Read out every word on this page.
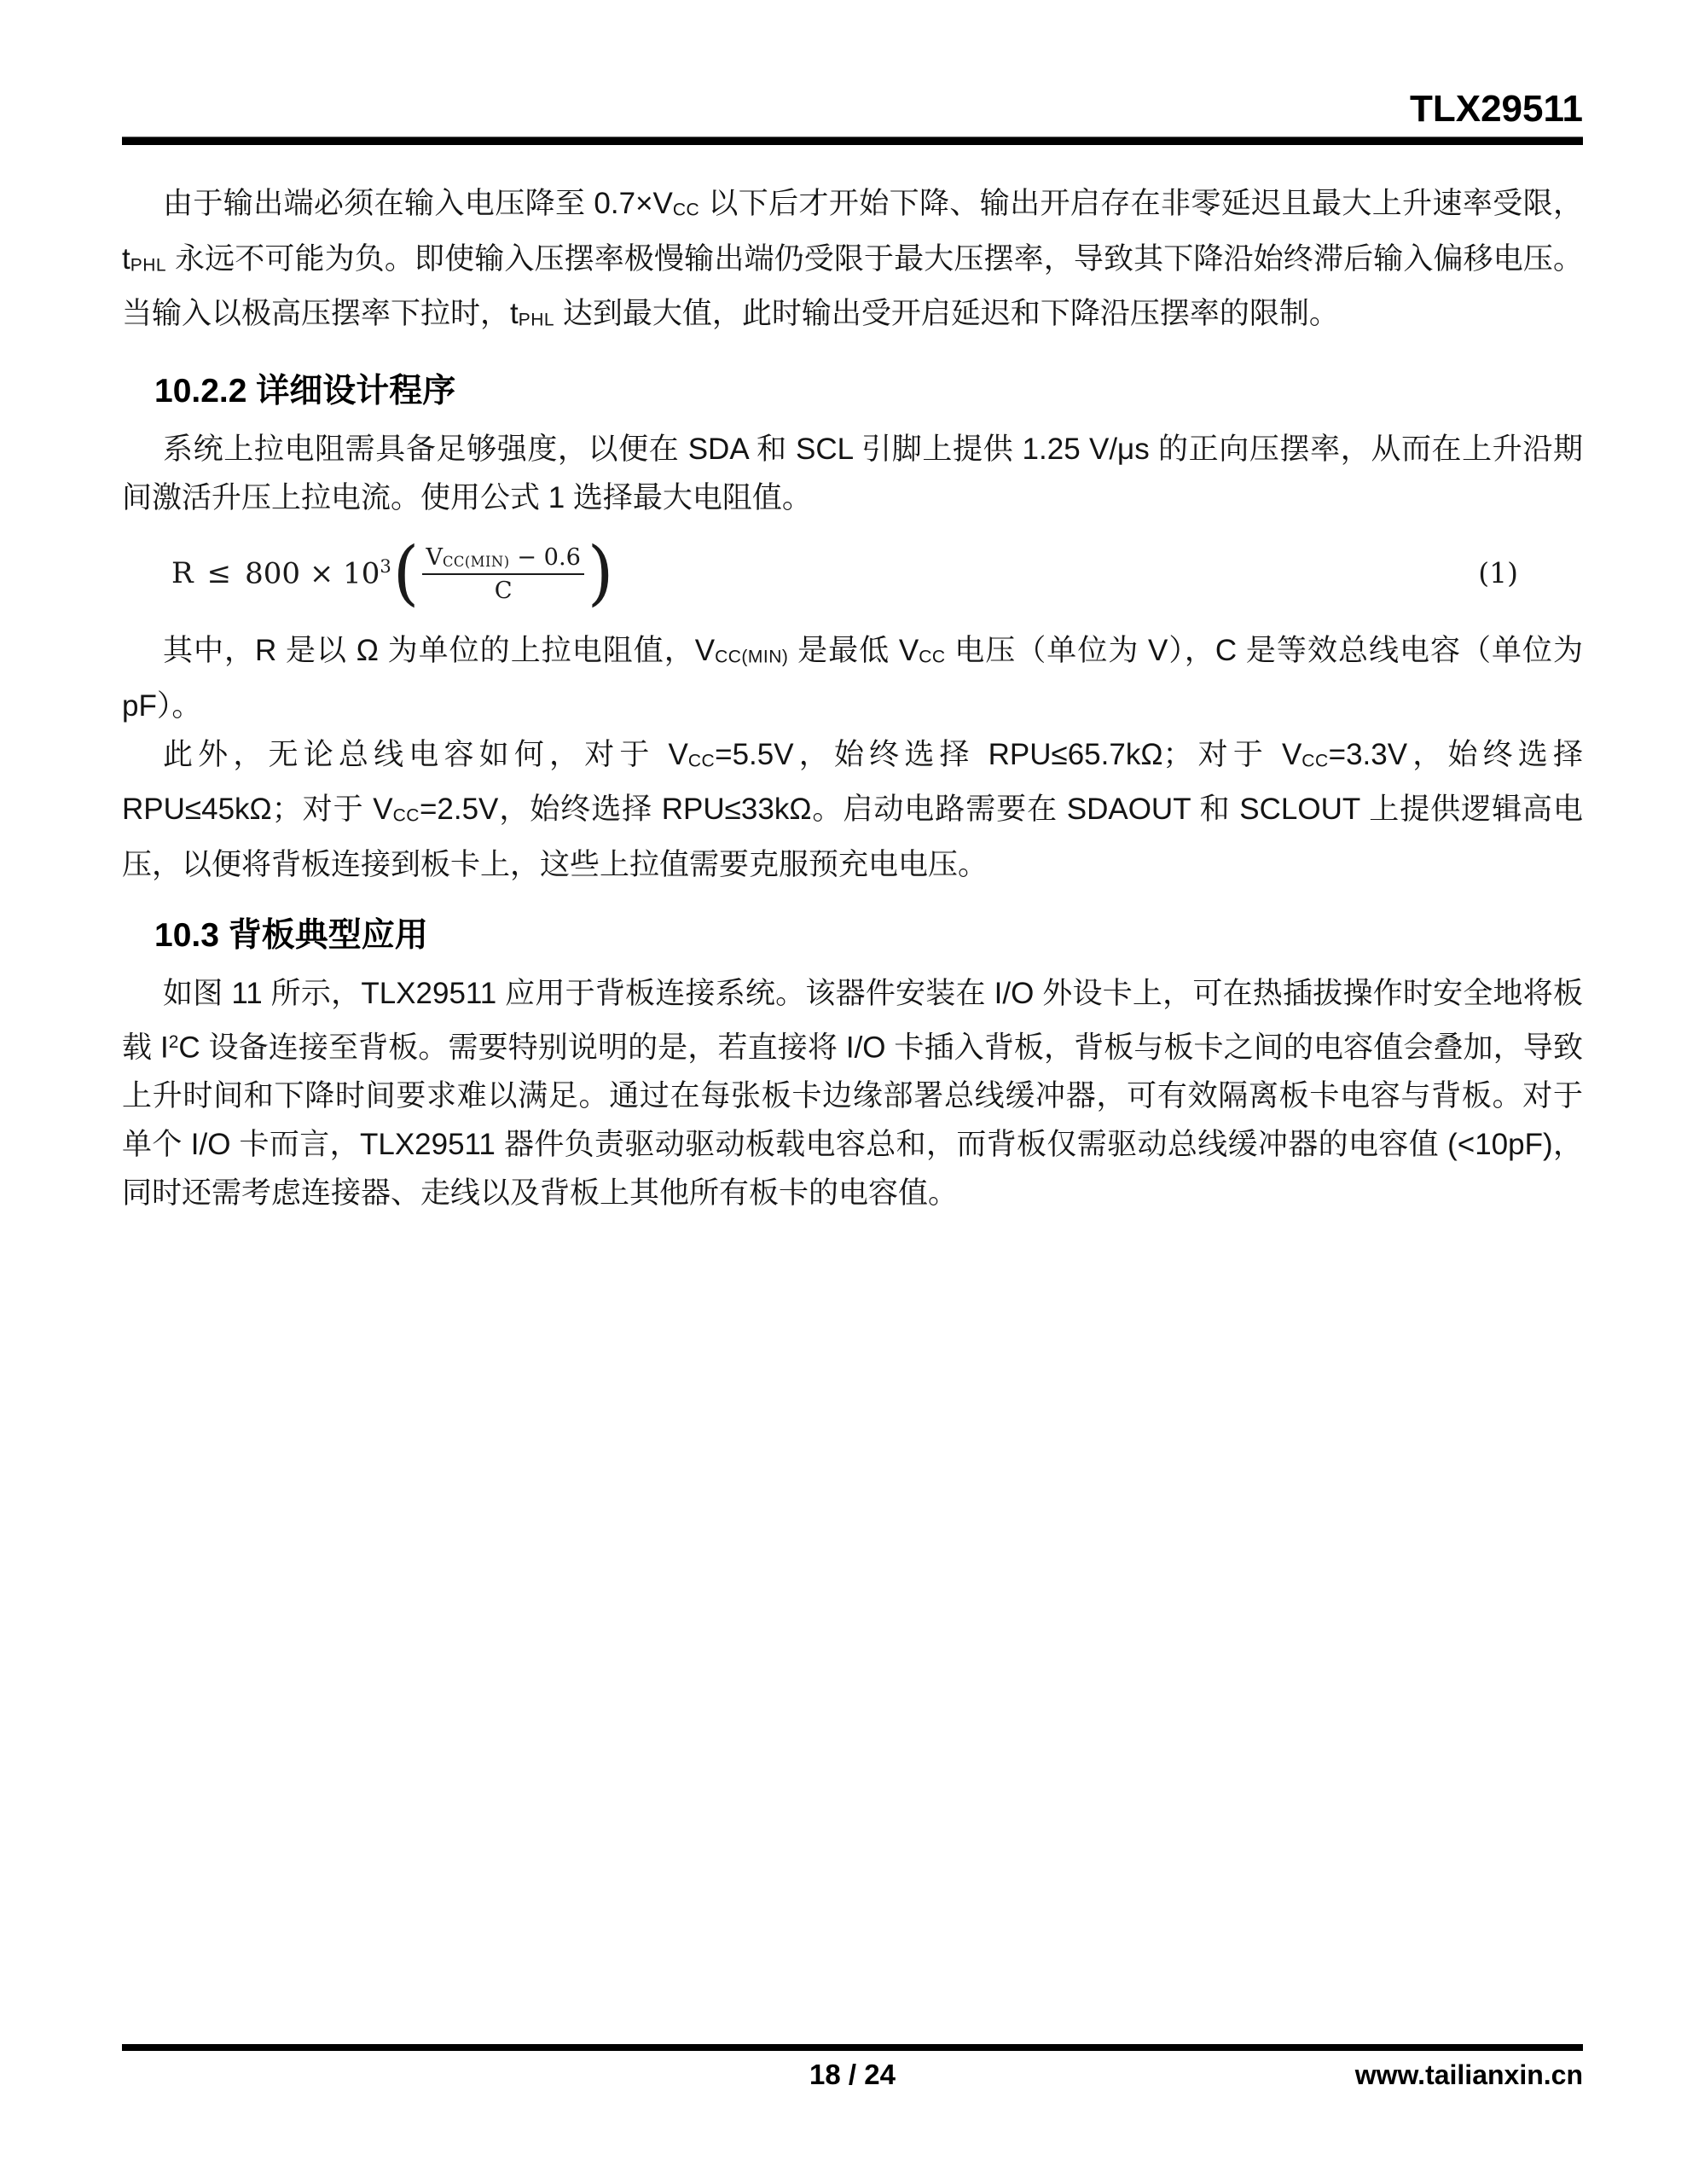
TLX29511

由于输出端必须在输入电压降至 0.7×VCC 以下后才开始下降、输出开启存在非零延迟且最大上升速率受限，tPHL 永远不可能为负。即使输入压摆率极慢输出端仍受限于最大压摆率，导致其下降沿始终滞后输入偏移电压。当输入以极高压摆率下拉时，tPHL 达到最大值，此时输出受开启延迟和下降沿压摆率的限制。

10.2.2 详细设计程序

系统上拉电阻需具备足够强度，以便在 SDA 和 SCL 引脚上提供 1.25 V/μs 的正向压摆率，从而在上升沿期间激活升压上拉电流。使用公式 1 选择最大电阻值。

$R \le 800 \times 10^3$ ( $\frac{\text{VCC(MIN) − 0.6}}{C}$ )	(1)

其中，R 是以 Ω 为单位的上拉电阻值，VCC(MIN) 是最低 VCC 电压（单位为 V），C 是等效总线电容（单位为 pF）。

此外，无论总线电容如何，对于 VCC=5.5V，始终选择 RPU≤65.7kΩ；对于 VCC=3.3V，始终选择 RPU≤45kΩ；对于 VCC=2.5V，始终选择 RPU≤33kΩ。启动电路需要在 SDAOUT 和 SCLOUT 上提供逻辑高电压，以便将背板连接到板卡上，这些上拉值需要克服预充电电压。

10.3 背板典型应用

如图 11 所示，TLX29511 应用于背板连接系统。该器件安装在 I/O 外设卡上，可在热插拔操作时安全地将板载 $I^2C$ 设备连接至背板。需要特别说明的是，若直接将 I/O 卡插入背板，背板与板卡之间的电容值会叠加，导致上升时间和下降时间要求难以满足。通过在每张板卡边缘部署总线缓冲器，可有效隔离板卡电容与背板。对于单个 I/O 卡而言，TLX29511 器件负责驱动驱动板载电容总和，而背板仅需驱动总线缓冲器的电容值 (<10pF)，同时还需考虑连接器、走线以及背板上其他所有板卡的电容值。

18 / 24	www.tailianxin.cn
